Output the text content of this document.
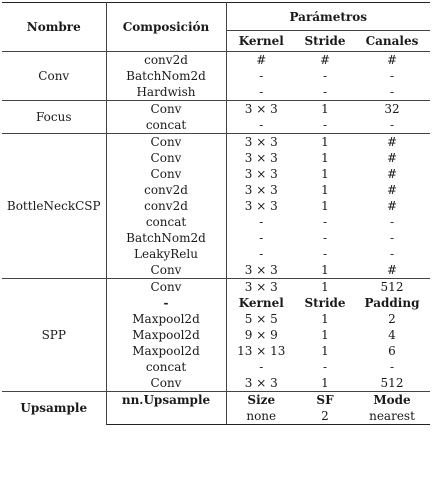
Nombre	Composición	Parámetros		
		Kernel	Stride	Canales
Conv	conv2d	#	#	#
	BatchNom2d	-	-	-
	Hardwish	-	-	-
Focus	Conv	3 × 3	1	32
	concat	-	-	-
BottleNeckCSP	Conv	3 × 3	1	#
	Conv	3 × 3	1	#
	Conv	3 × 3	1	#
	conv2d	3 × 3	1	#
	conv2d	3 × 3	1	#
	concat	-	-	-
	BatchNom2d	-	-	-
	LeakyRelu	-	-	-
	Conv	3 × 3	1	#
SPP	Conv	3 × 3	1	512
	-	Kernel	Stride	Padding
	Maxpool2d	5 × 5	1	2
	Maxpool2d	9 × 9	1	4
	Maxpool2d	13 × 13	1	6
	concat	-	-	-
	Conv	3 × 3	1	512
Upsample	nn.Upsample	Size	SF	Mode
		none	2	nearest
